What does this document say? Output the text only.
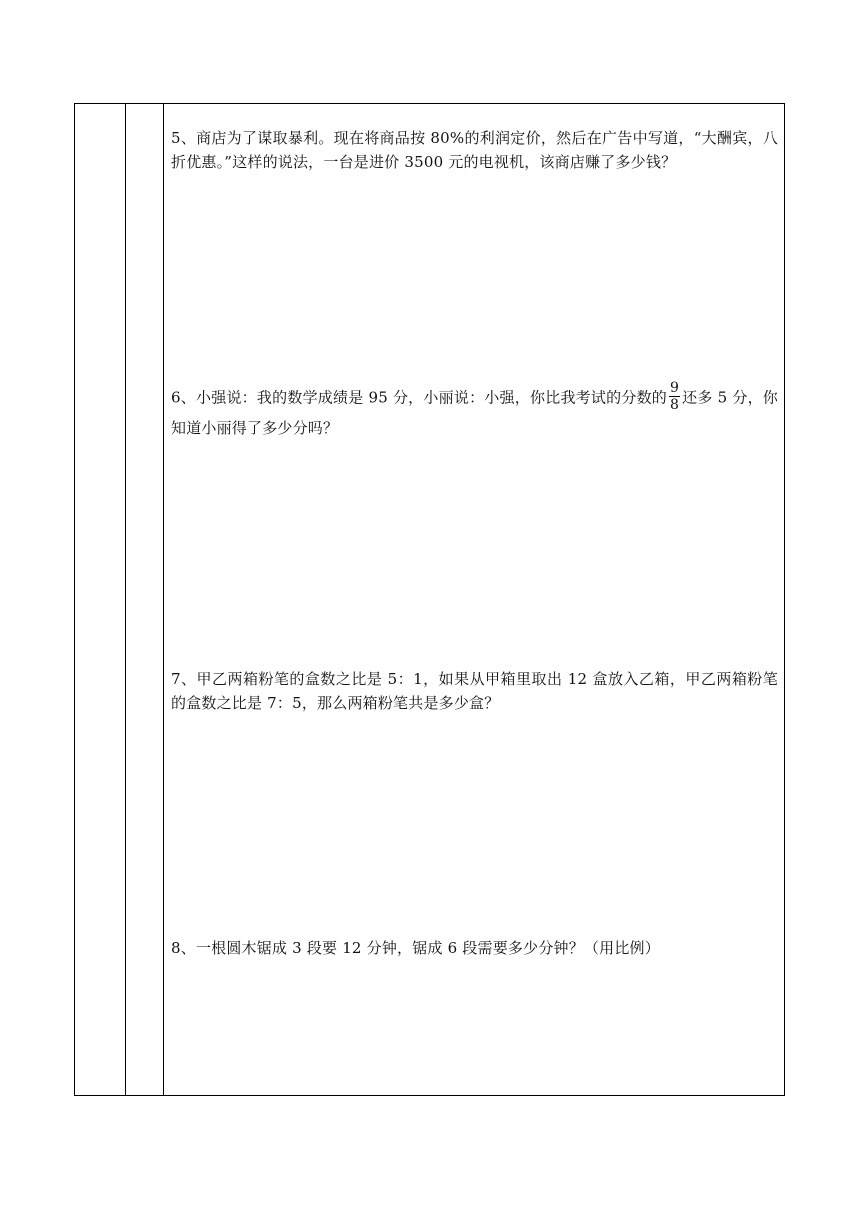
5、商店为了谋取暴利。现在将商品按 80%的利润定价，然后在广告中写道，“大酬宾，八折优惠。”这样的说法，一台是进价 3500 元的电视机，该商店赚了多少钱？
6、小强说：我的数学成绩是 95 分，小丽说：小强，你比我考试的分数的 $\frac{9}{8}$ 还多 5 分，你知道小丽得了多少分吗？
7、甲乙两箱粉笔的盒数之比是 5：1，如果从甲箱里取出 12 盒放入乙箱，甲乙两箱粉笔的盒数之比是 7：5，那么两箱粉笔共是多少盒？
8、一根圆木锯成 3 段要 12 分钟，锯成 6 段需要多少分钟？（用比例）
